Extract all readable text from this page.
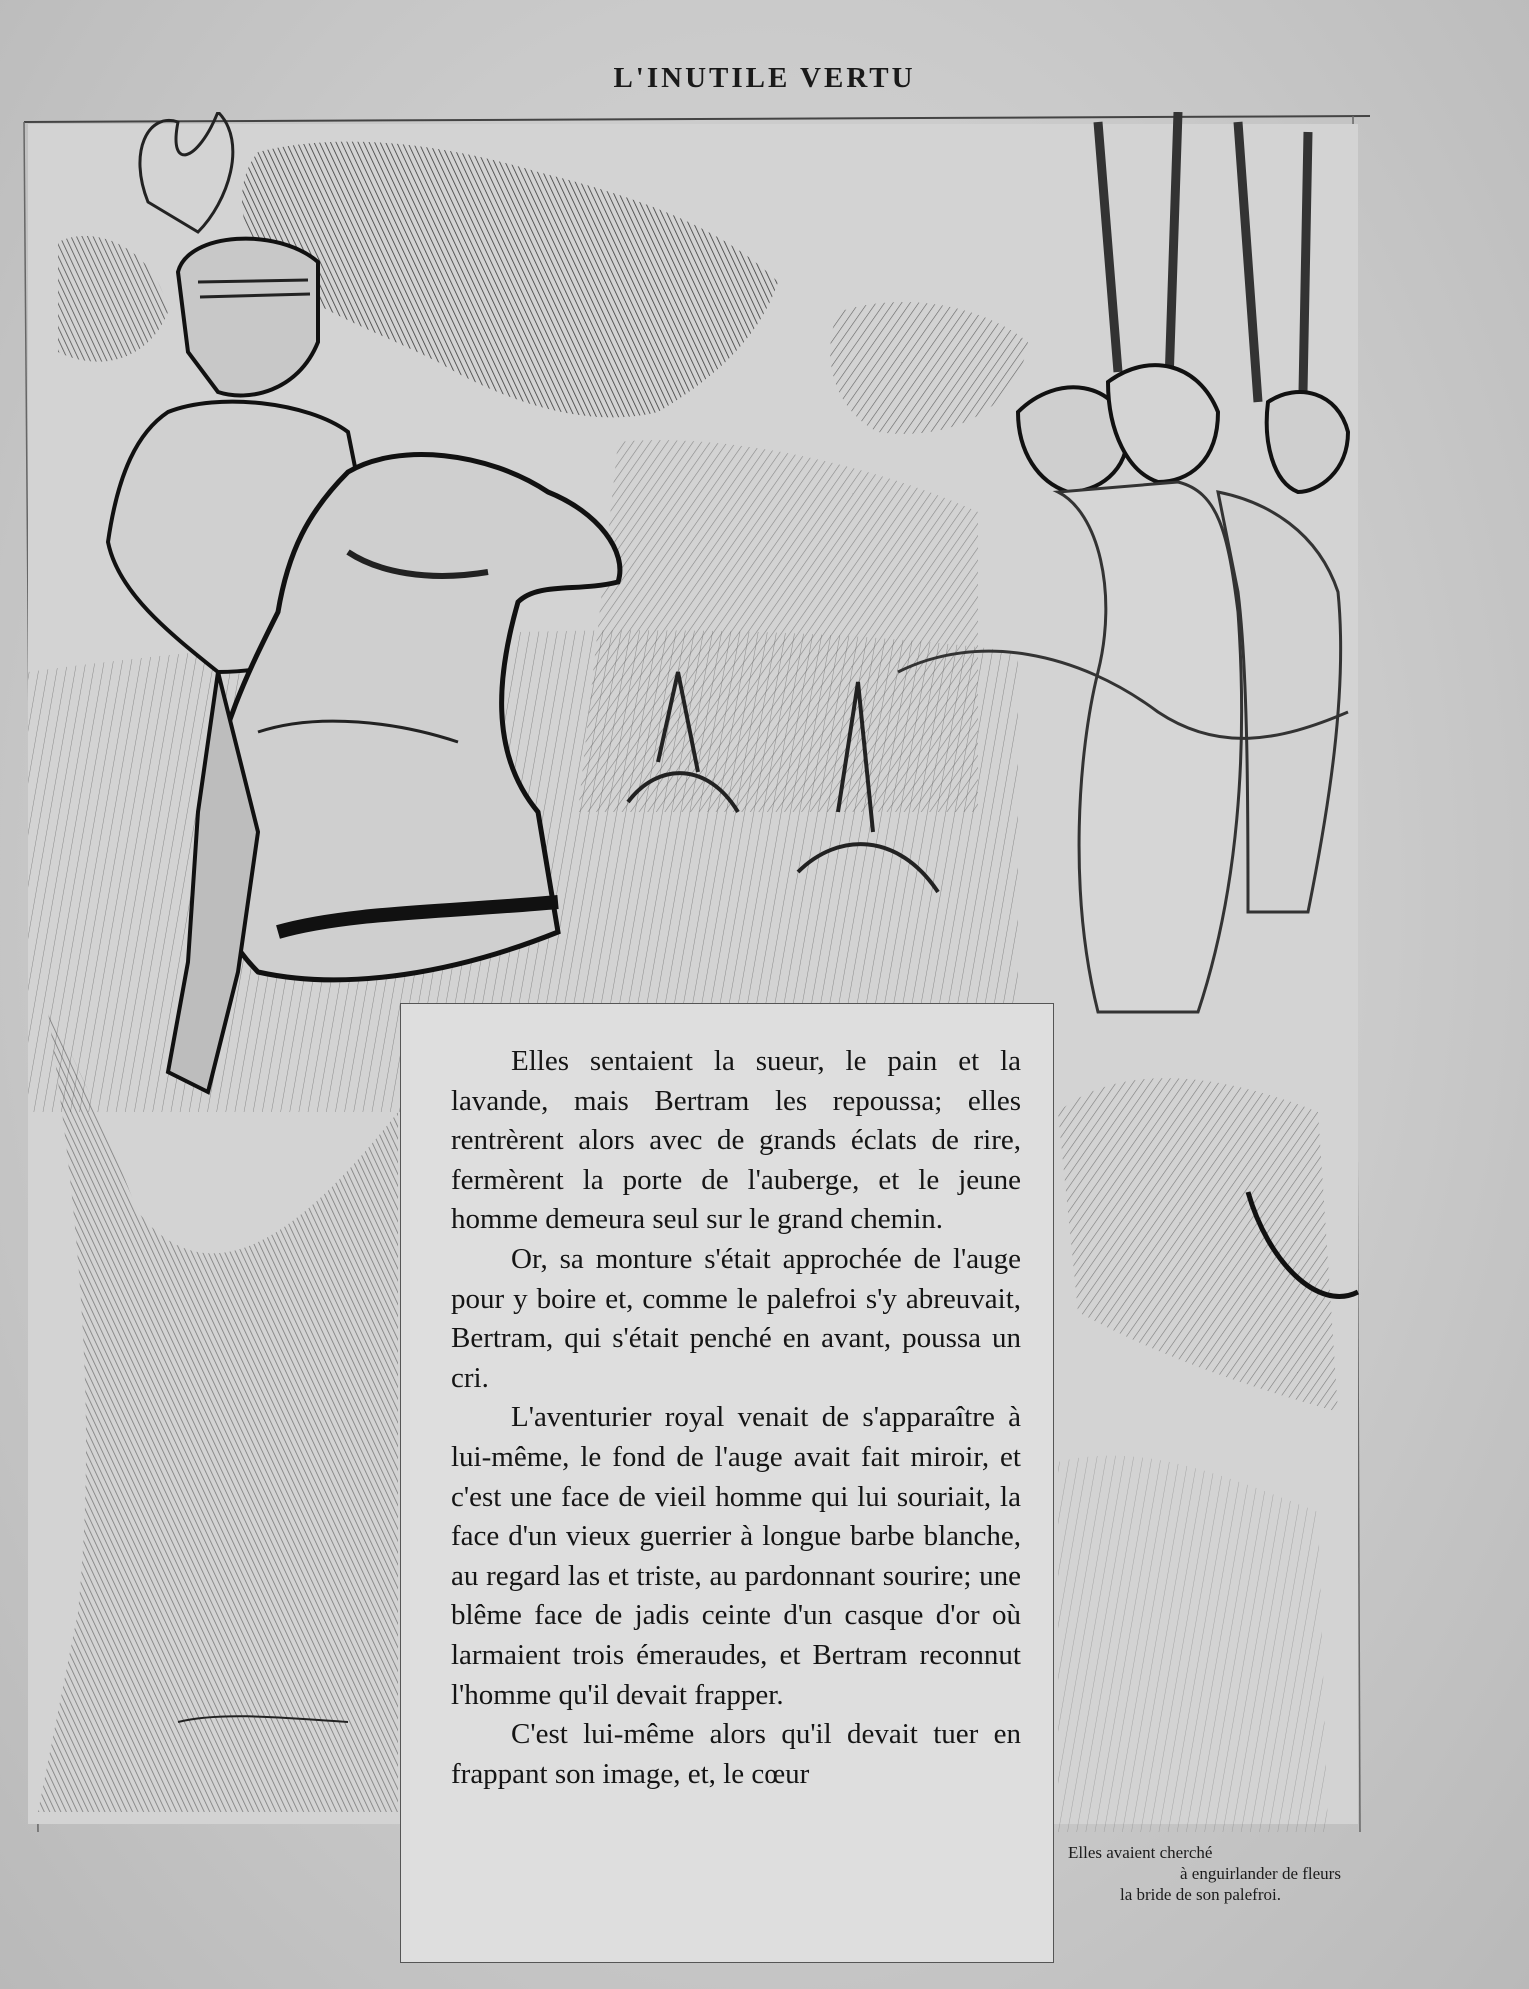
L'INUTILE VERTU

Elles sentaient la sueur, le pain et la lavande, mais Bertram les repoussa; elles rentrèrent alors avec de grands éclats de rire, fermèrent la porte de l'auberge, et le jeune homme demeura seul sur le grand chemin.

Or, sa monture s'était approchée de l'auge pour y boire et, comme le palefroi s'y abreuvait, Bertram, qui s'était penché en avant, poussa un cri.

L'aventurier royal venait de s'apparaître à lui-même, le fond de l'auge avait fait miroir, et c'est une face de vieil homme qui lui souriait, la face d'un vieux guerrier à longue barbe blanche, au regard las et triste, au pardonnant sourire; une blême face de jadis ceinte d'un casque d'or où larmaient trois émeraudes, et Bertram reconnut l'homme qu'il devait frapper.

C'est lui-même alors qu'il devait tuer en frappant son image, et, le cœur

Elles avaient cherché
à enguirlander de fleurs
la bride de son palefroi.
